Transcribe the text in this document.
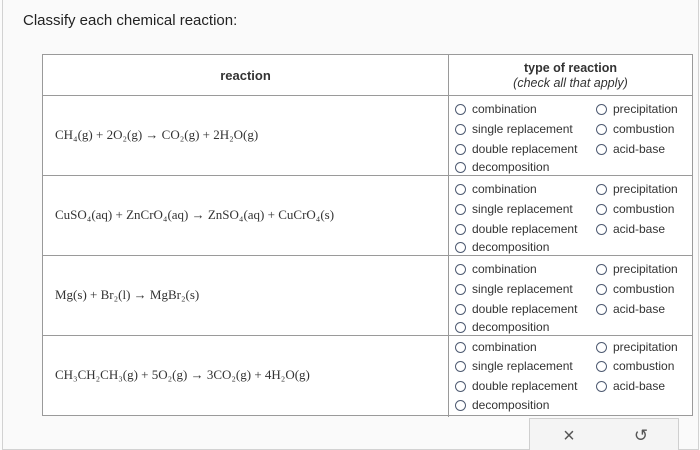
Classify each chemical reaction:
reaction	type of reaction
(check all that apply)
CH₄(g) + 2O₂(g) → CO₂(g) + 2H₂O(g)
combination
single replacement
double replacement
decomposition
precipitation
combustion
acid-base
CuSO₄(aq) + ZnCrO₄(aq) → ZnSO₄(aq) + CuCrO₄(s)
combination
single replacement
double replacement
decomposition
precipitation
combustion
acid-base
Mg(s) + Br₂(l) → MgBr₂(s)
combination
single replacement
double replacement
decomposition
precipitation
combustion
acid-base
CH₃CH₂CH₃(g) + 5O₂(g) → 3CO₂(g) + 4H₂O(g)
combination
single replacement
double replacement
decomposition
precipitation
combustion
acid-base
×	↺
